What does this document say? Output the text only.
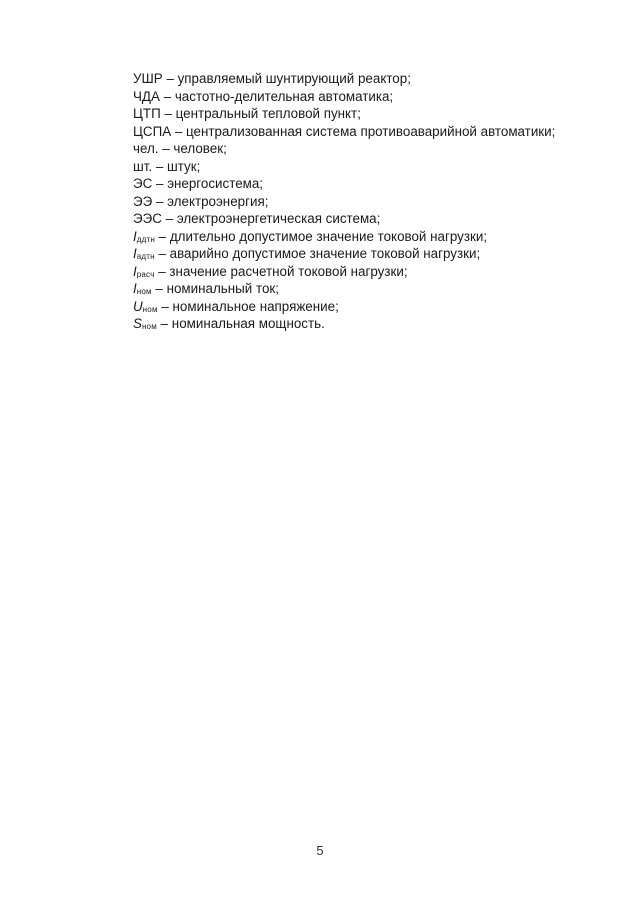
УШР – управляемый шунтирующий реактор;
ЧДА – частотно-делительная автоматика;
ЦТП – центральный тепловой пункт;
ЦСПА – централизованная система противоаварийной автоматики;
чел. – человек;
шт. – штук;
ЭС – энергосистема;
ЭЭ – электроэнергия;
ЭЭС – электроэнергетическая система;
Iддтн – длительно допустимое значение токовой нагрузки;
Iадтн – аварийно допустимое значение токовой нагрузки;
Iрасч – значение расчетной токовой нагрузки;
Iном – номинальный ток;
Uном – номинальное напряжение;
Sном – номинальная мощность.
5
